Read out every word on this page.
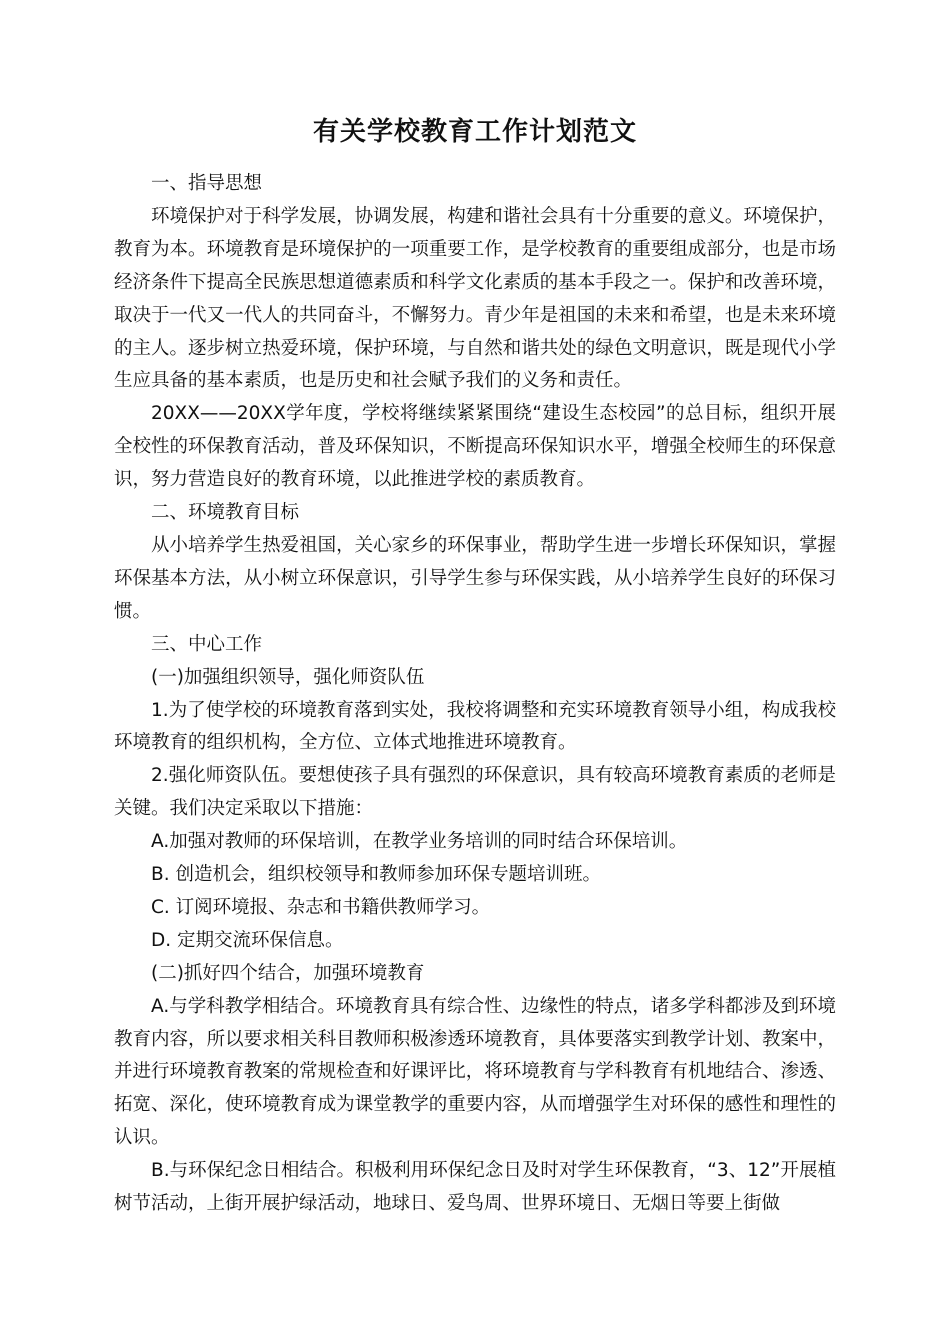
有关学校教育工作计划范文

一、指导思想

环境保护对于科学发展，协调发展，构建和谐社会具有十分重要的意义。环境保护，教育为本。环境教育是环境保护的一项重要工作，是学校教育的重要组成部分，也是市场经济条件下提高全民族思想道德素质和科学文化素质的基本手段之一。保护和改善环境，取决于一代又一代人的共同奋斗，不懈努力。青少年是祖国的未来和希望，也是未来环境的主人。逐步树立热爱环境，保护环境，与自然和谐共处的绿色文明意识，既是现代小学生应具备的基本素质，也是历史和社会赋予我们的义务和责任。

20XX——20XX学年度，学校将继续紧紧围绕“建设生态校园”的总目标，组织开展全校性的环保教育活动，普及环保知识，不断提高环保知识水平，增强全校师生的环保意识，努力营造良好的教育环境，以此推进学校的素质教育。

二、环境教育目标

从小培养学生热爱祖国，关心家乡的环保事业，帮助学生进一步增长环保知识，掌握环保基本方法，从小树立环保意识，引导学生参与环保实践，从小培养学生良好的环保习惯。

三、中心工作

(一)加强组织领导，强化师资队伍

1.为了使学校的环境教育落到实处，我校将调整和充实环境教育领导小组，构成我校环境教育的组织机构，全方位、立体式地推进环境教育。

2.强化师资队伍。要想使孩子具有强烈的环保意识，具有较高环境教育素质的老师是关键。我们决定采取以下措施：

A.加强对教师的环保培训，在教学业务培训的同时结合环保培训。

B. 创造机会，组织校领导和教师参加环保专题培训班。

C. 订阅环境报、杂志和书籍供教师学习。

D. 定期交流环保信息。

(二)抓好四个结合，加强环境教育

A.与学科教学相结合。环境教育具有综合性、边缘性的特点，诸多学科都涉及到环境教育内容，所以要求相关科目教师积极渗透环境教育，具体要落实到教学计划、教案中，并进行环境教育教案的常规检查和好课评比，将环境教育与学科教育有机地结合、渗透、拓宽、深化，使环境教育成为课堂教学的重要内容，从而增强学生对环保的感性和理性的认识。

B.与环保纪念日相结合。积极利用环保纪念日及时对学生环保教育，“3、12”开展植树节活动，上街开展护绿活动，地球日、爱鸟周、世界环境日、无烟日等要上街做
